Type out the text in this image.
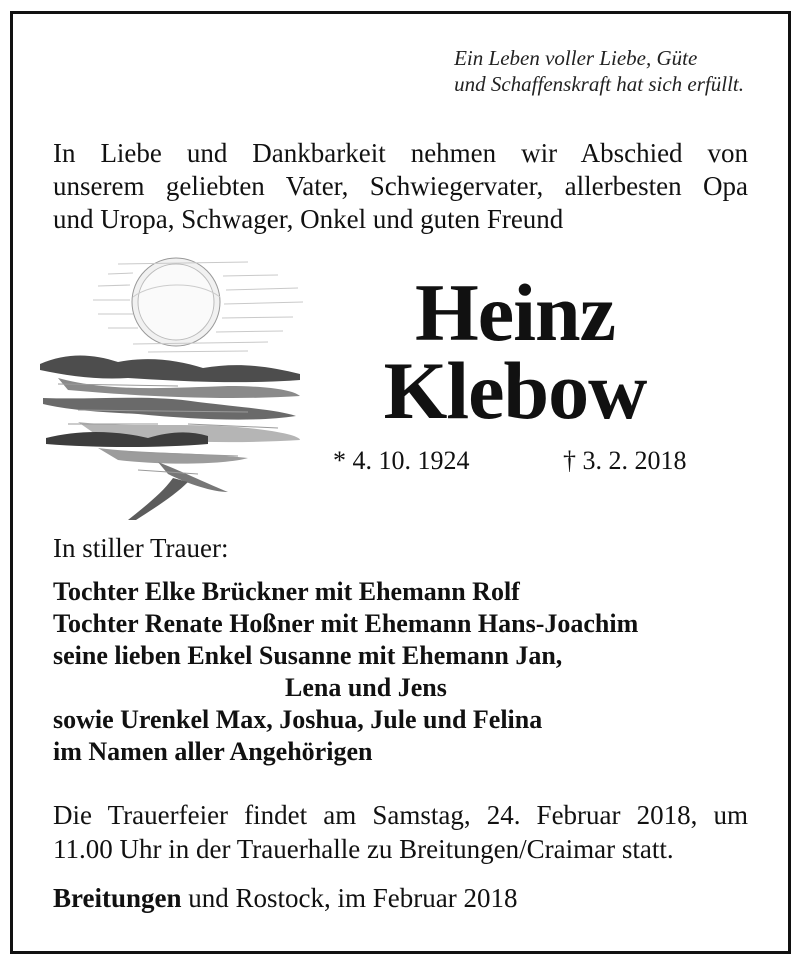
Ein Leben voller Liebe, Güte
und Schaffenskraft hat sich erfüllt.
In Liebe und Dankbarkeit nehmen wir Abschied von
unserem geliebten Vater, Schwiegervater, allerbesten Opa
und Uropa, Schwager, Onkel und guten Freund
Heinz
Klebow
* 4. 10. 1924	† 3. 2. 2018
In stiller Trauer:
Tochter Elke Brückner mit Ehemann Rolf
Tochter Renate Hoßner mit Ehemann Hans-Joachim
seine lieben Enkel Susanne mit Ehemann Jan,
Lena und Jens
sowie Urenkel Max, Joshua, Jule und Felina
im Namen aller Angehörigen
Die Trauerfeier findet am Samstag, 24. Februar 2018, um
11.00 Uhr in der Trauerhalle zu Breitungen/Craimar statt.
Breitungen und Rostock, im Februar 2018
